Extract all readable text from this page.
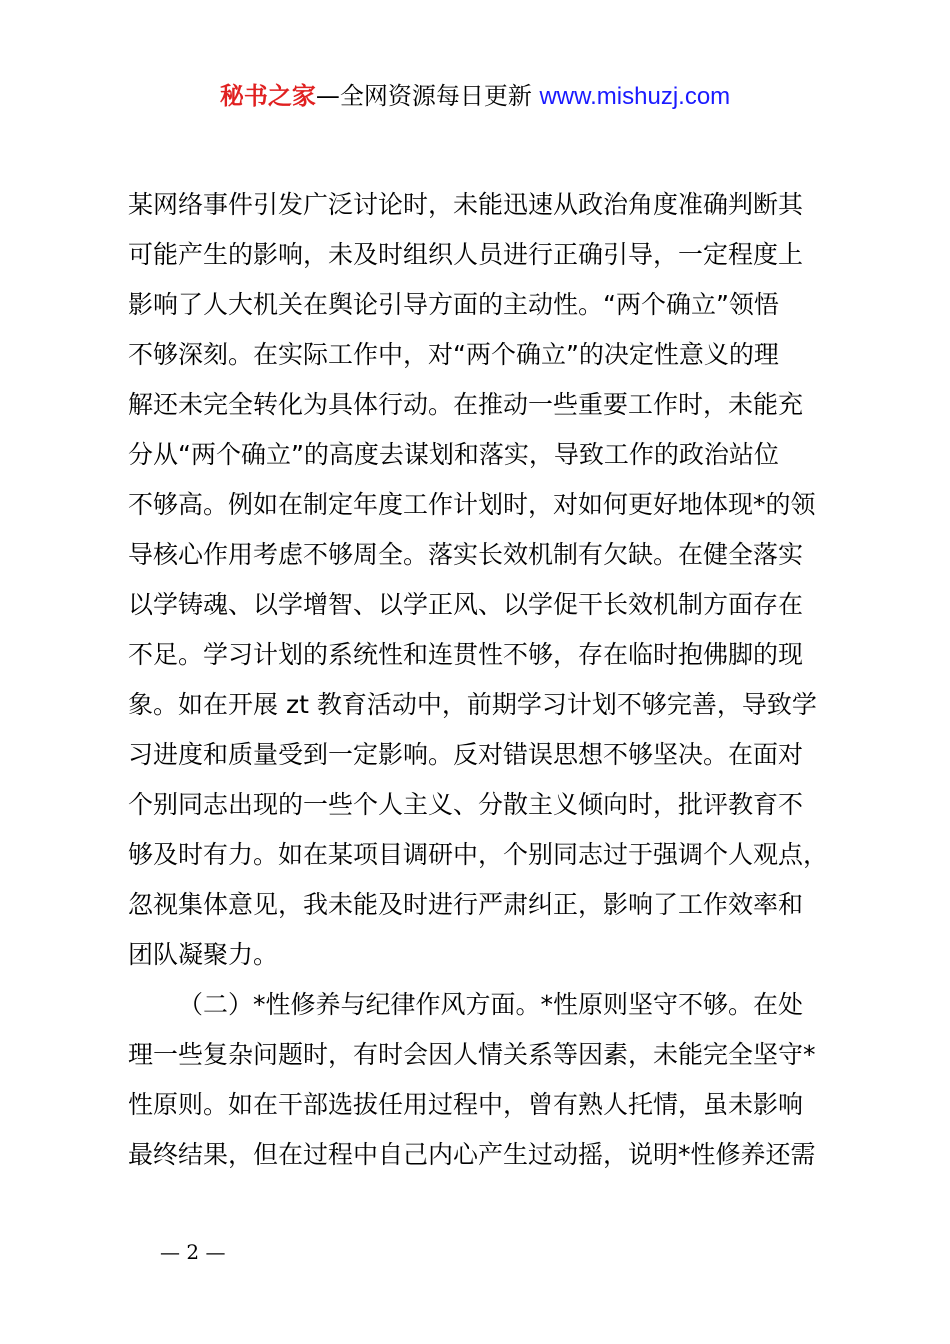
秘书之家—全网资源每日更新 www.mishuzj.com
某网络事件引发广泛讨论时，未能迅速从政治角度准确判断其
可能产生的影响，未及时组织人员进行正确引导，一定程度上
影响了人大机关在舆论引导方面的主动性。“两个确立”领悟
不够深刻。在实际工作中，对“两个确立”的决定性意义的理
解还未完全转化为具体行动。在推动一些重要工作时，未能充
分从“两个确立”的高度去谋划和落实，导致工作的政治站位
不够高。例如在制定年度工作计划时，对如何更好地体现*的领
导核心作用考虑不够周全。落实长效机制有欠缺。在健全落实
以学铸魂、以学增智、以学正风、以学促干长效机制方面存在
不足。学习计划的系统性和连贯性不够，存在临时抱佛脚的现
象。如在开展 zt 教育活动中，前期学习计划不够完善，导致学
习进度和质量受到一定影响。反对错误思想不够坚决。在面对
个别同志出现的一些个人主义、分散主义倾向时，批评教育不
够及时有力。如在某项目调研中，个别同志过于强调个人观点，
忽视集体意见，我未能及时进行严肃纠正，影响了工作效率和
团队凝聚力。
（二）*性修养与纪律作风方面。*性原则坚守不够。在处
理一些复杂问题时，有时会因人情关系等因素，未能完全坚守*
性原则。如在干部选拔任用过程中，曾有熟人托情，虽未影响
最终结果，但在过程中自己内心产生过动摇，说明*性修养还需
— 2 —
